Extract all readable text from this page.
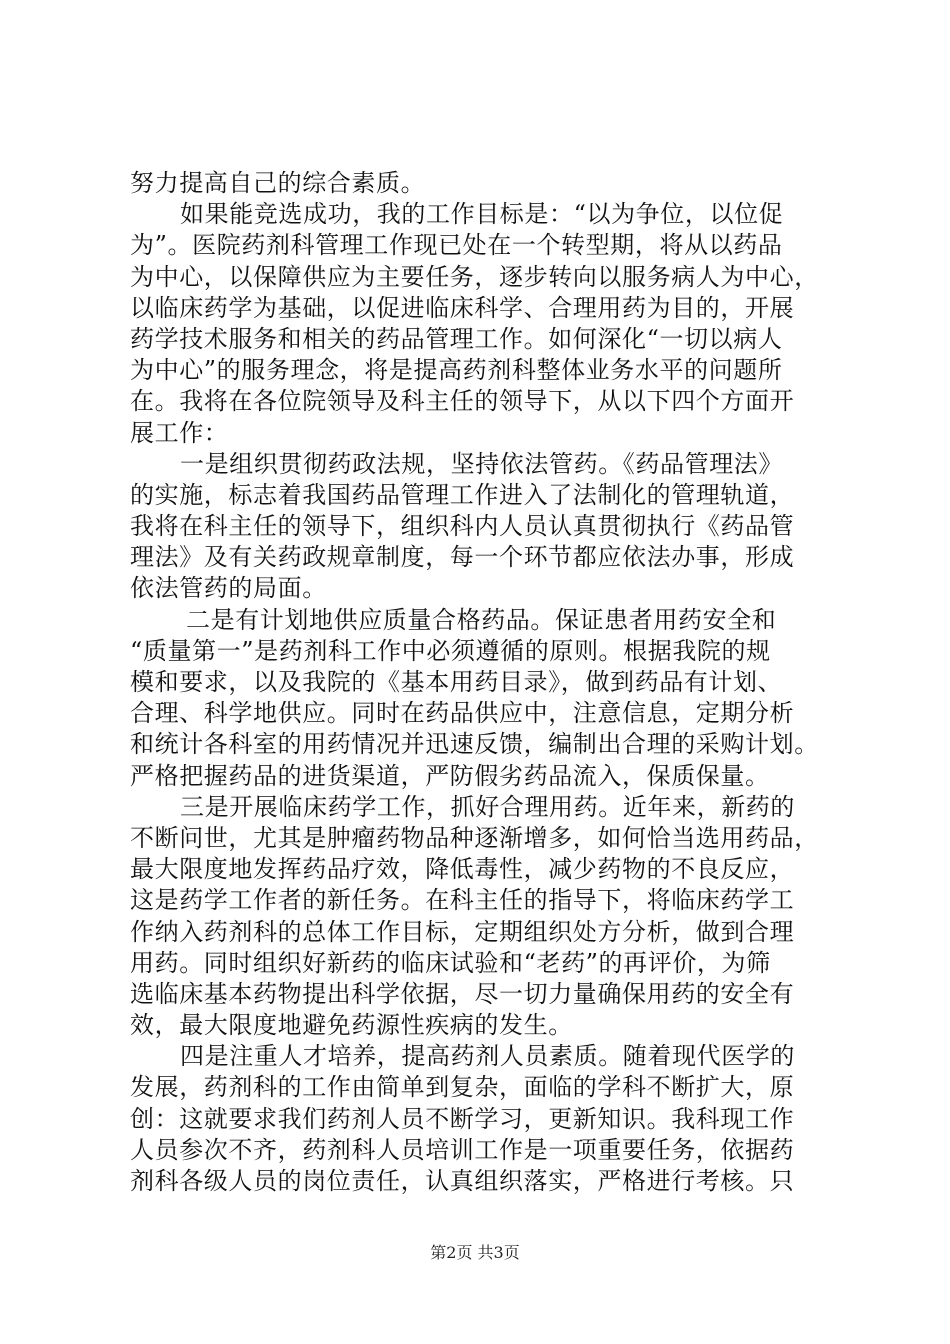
努力提高自己的综合素质。
如果能竞选成功，我的工作目标是：“以为争位，以位促
为”。医院药剂科管理工作现已处在一个转型期，将从以药品
为中心，以保障供应为主要任务，逐步转向以服务病人为中心，
以临床药学为基础，以促进临床科学、合理用药为目的，开展
药学技术服务和相关的药品管理工作。如何深化“一切以病人
为中心”的服务理念，将是提高药剂科整体业务水平的问题所
在。我将在各位院领导及科主任的领导下，从以下四个方面开
展工作：
一是组织贯彻药政法规，坚持依法管药。《药品管理法》
的实施，标志着我国药品管理工作进入了法制化的管理轨道，
我将在科主任的领导下，组织科内人员认真贯彻执行《药品管
理法》及有关药政规章制度，每一个环节都应依法办事，形成
依法管药的局面。
二是有计划地供应质量合格药品。保证患者用药安全和
“质量第一”是药剂科工作中必须遵循的原则。根据我院的规
模和要求，以及我院的《基本用药目录》，做到药品有计划、
合理、科学地供应。同时在药品供应中，注意信息，定期分析
和统计各科室的用药情况并迅速反馈，编制出合理的采购计划。
严格把握药品的进货渠道，严防假劣药品流入，保质保量。
三是开展临床药学工作，抓好合理用药。近年来，新药的
不断问世，尤其是肿瘤药物品种逐渐增多，如何恰当选用药品，
最大限度地发挥药品疗效，降低毒性，减少药物的不良反应，
这是药学工作者的新任务。在科主任的指导下，将临床药学工
作纳入药剂科的总体工作目标，定期组织处方分析，做到合理
用药。同时组织好新药的临床试验和“老药”的再评价，为筛
选临床基本药物提出科学依据，尽一切力量确保用药的安全有
效，最大限度地避免药源性疾病的发生。
四是注重人才培养，提高药剂人员素质。随着现代医学的
发展，药剂科的工作由简单到复杂，面临的学科不断扩大，原
创：这就要求我们药剂人员不断学习，更新知识。我科现工作
人员参次不齐，药剂科人员培训工作是一项重要任务，依据药
剂科各级人员的岗位责任，认真组织落实，严格进行考核。只
第2页 共3页
